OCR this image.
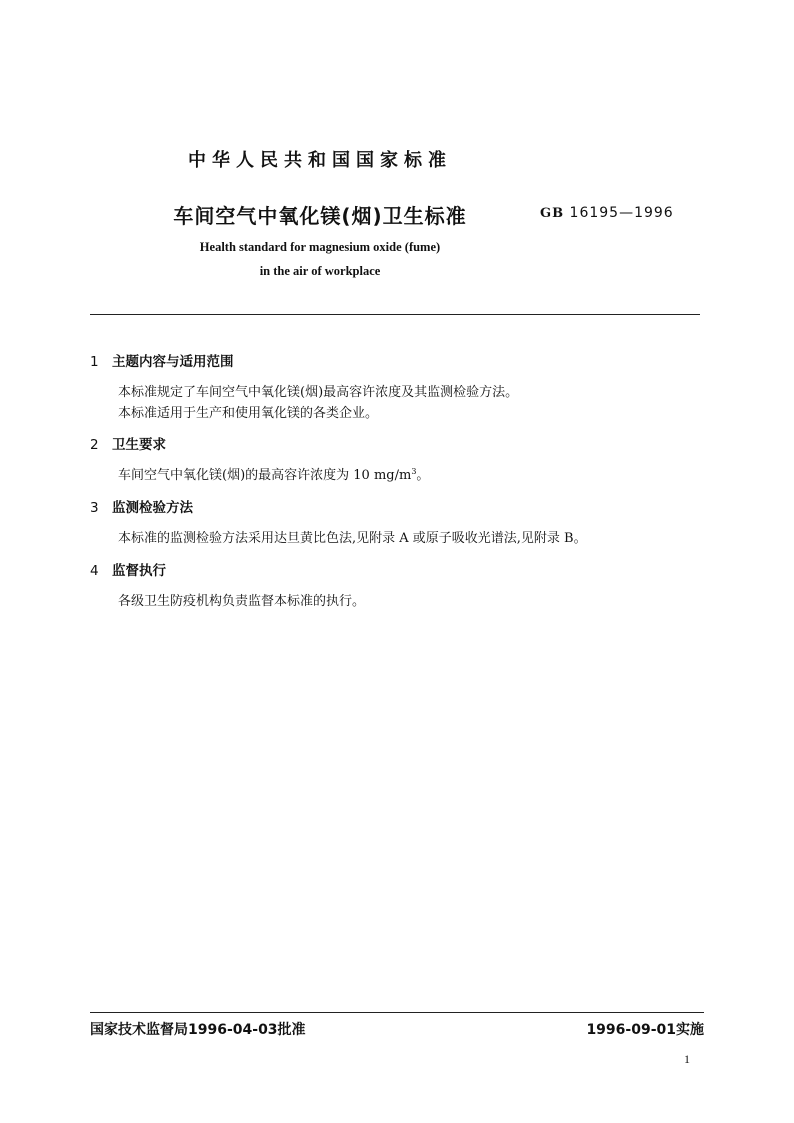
中华人民共和国国家标准
车间空气中氧化镁(烟)卫生标准	GB 16195—1996
Health standard for magnesium oxide (fume)
in the air of workplace
1 主题内容与适用范围
本标准规定了车间空气中氧化镁(烟)最高容许浓度及其监测检验方法。
本标准适用于生产和使用氧化镁的各类企业。
2 卫生要求
车间空气中氧化镁(烟)的最高容许浓度为 10 $mg/m^3$。
3 监测检验方法
本标准的监测检验方法采用达旦黄比色法,见附录 A 或原子吸收光谱法,见附录 B。
4 监督执行
各级卫生防疫机构负责监督本标准的执行。
国家技术监督局1996-04-03批准	1996-09-01实施
1
